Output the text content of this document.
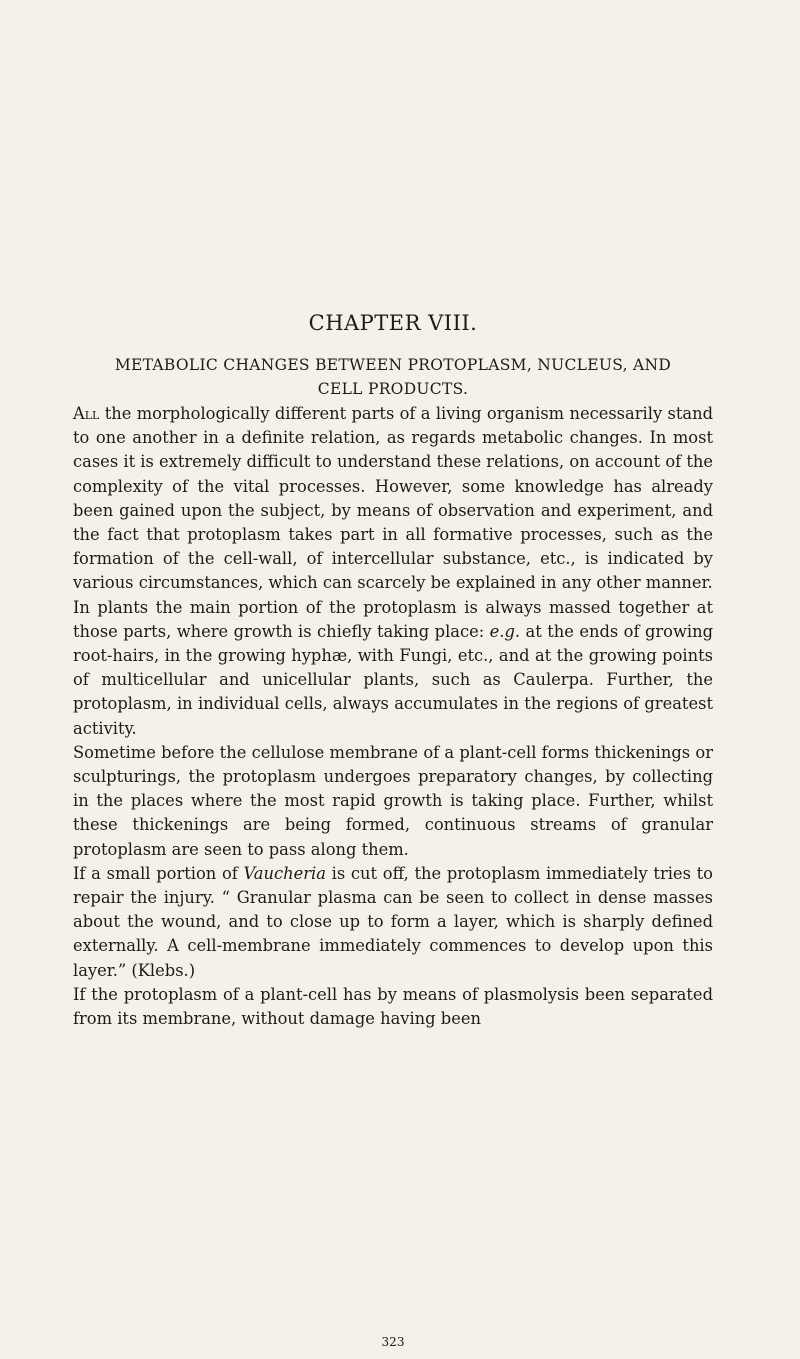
CHAPTER VIII.
METABOLIC CHANGES BETWEEN PROTOPLASM, NUCLEUS, AND
CELL PRODUCTS.

All the morphologically different parts of a living organism necessarily stand to one another in a definite relation, as regards metabolic changes. In most cases it is extremely difficult to understand these relations, on account of the complexity of the vital processes. However, some knowledge has already been gained upon the subject, by means of observation and experiment, and the fact that protoplasm takes part in all formative processes, such as the formation of the cell-wall, of intercellular substance, etc., is indicated by various circumstances, which can scarcely be explained in any other manner.

In plants the main portion of the protoplasm is always massed together at those parts, where growth is chiefly taking place: e.g. at the ends of growing root-hairs, in the growing hyphæ, with Fungi, etc., and at the growing points of multicellular and unicellular plants, such as Caulerpa. Further, the protoplasm, in individual cells, always accumulates in the regions of greatest activity.

Sometime before the cellulose membrane of a plant-cell forms thickenings or sculpturings, the protoplasm undergoes preparatory changes, by collecting in the places where the most rapid growth is taking place. Further, whilst these thickenings are being formed, continuous streams of granular protoplasm are seen to pass along them.

If a small portion of Vaucheria is cut off, the protoplasm immediately tries to repair the injury. “ Granular plasma can be seen to collect in dense masses about the wound, and to close up to form a layer, which is sharply defined externally. A cell-membrane immediately commences to develop upon this layer.” (Klebs.)

If the protoplasm of a plant-cell has by means of plasmolysis been separated from its membrane, without damage having been

323
